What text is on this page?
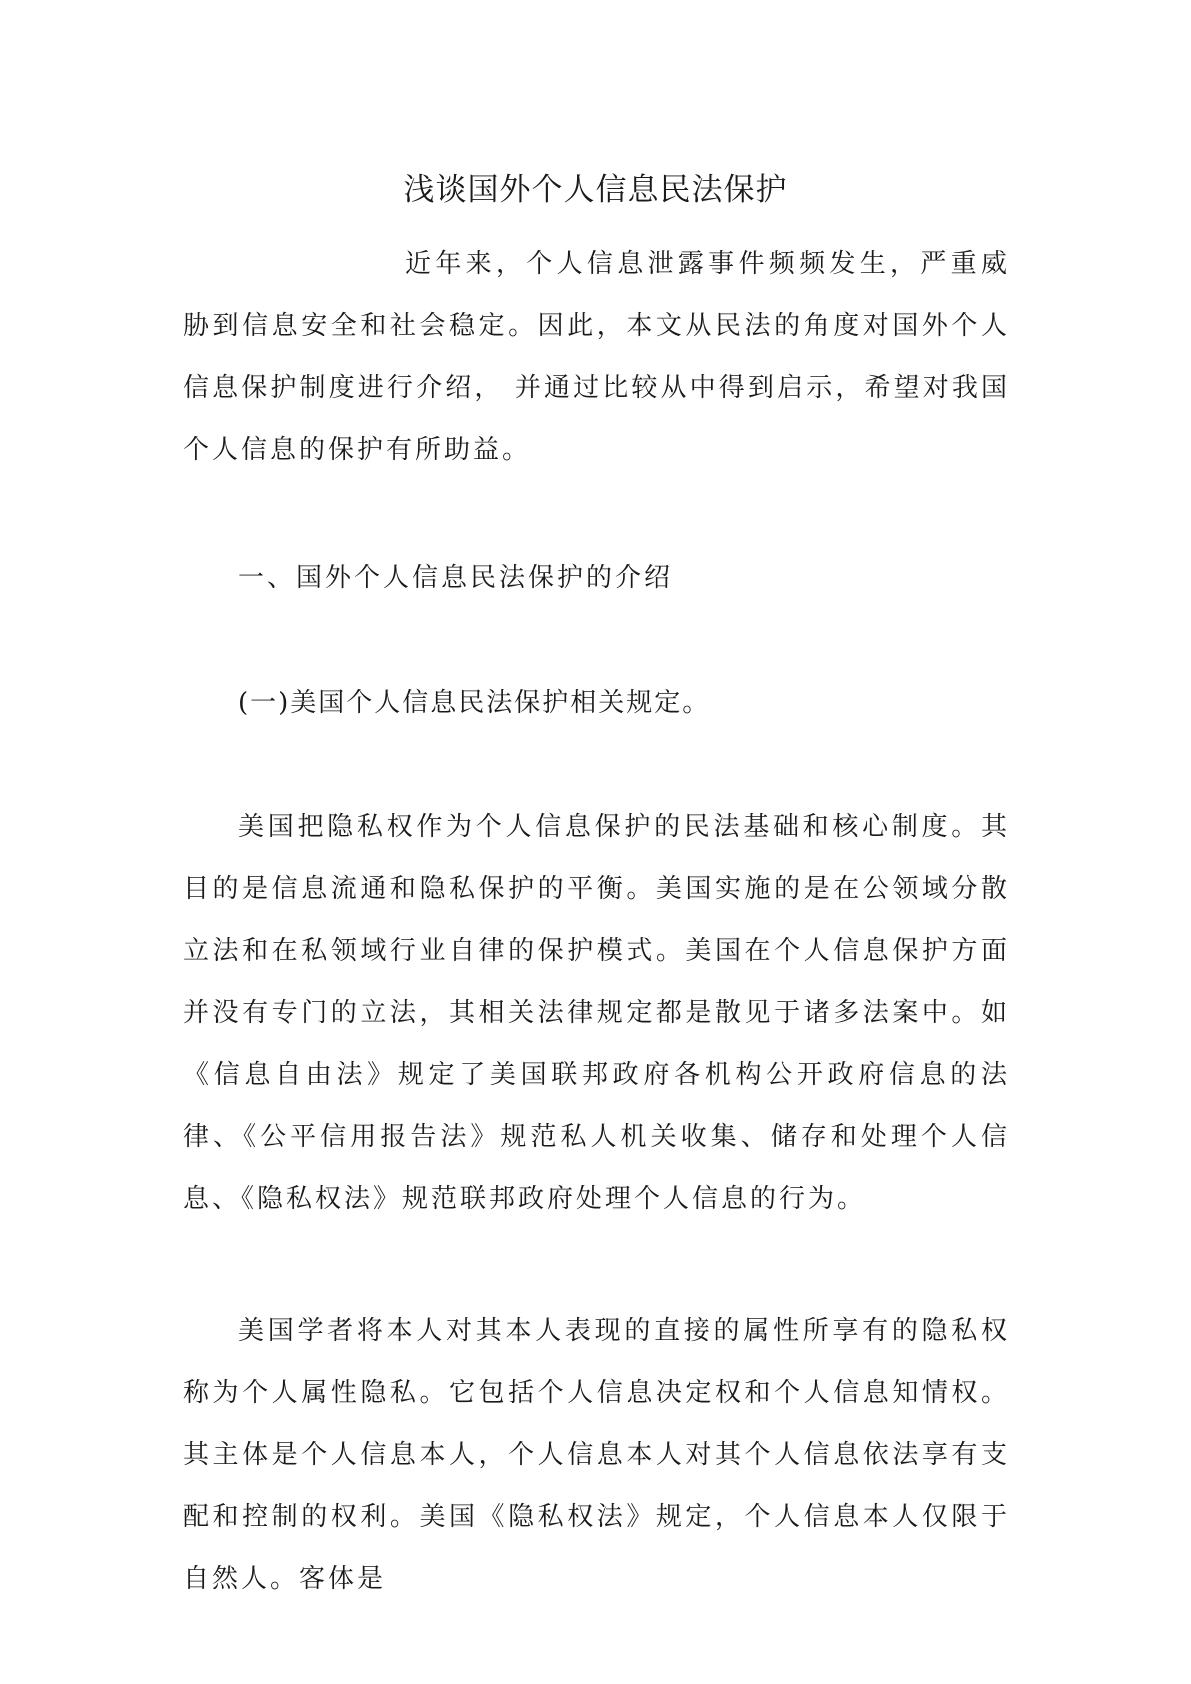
浅谈国外个人信息民法保护

近年来，个人信息泄露事件频频发生，严重威胁到信息安全和社会稳定。因此，本文从民法的角度对国外个人信息保护制度进行介绍， 并通过比较从中得到启示，希望对我国个人信息的保护有所助益。

一、国外个人信息民法保护的介绍

(一)美国个人信息民法保护相关规定。

美国把隐私权作为个人信息保护的民法基础和核心制度。其目的是信息流通和隐私保护的平衡。美国实施的是在公领域分散立法和在私领域行业自律的保护模式。美国在个人信息保护方面并没有专门的立法，其相关法律规定都是散见于诸多法案中。如《信息自由法》规定了美国联邦政府各机构公开政府信息的法律、《公平信用报告法》规范私人机关收集、储存和处理个人信息、《隐私权法》规范联邦政府处理个人信息的行为。

美国学者将本人对其本人表现的直接的属性所享有的隐私权称为个人属性隐私。它包括个人信息决定权和个人信息知情权。其主体是个人信息本人，个人信息本人对其个人信息依法享有支配和控制的权利。美国《隐私权法》规定，个人信息本人仅限于自然人。客体是
